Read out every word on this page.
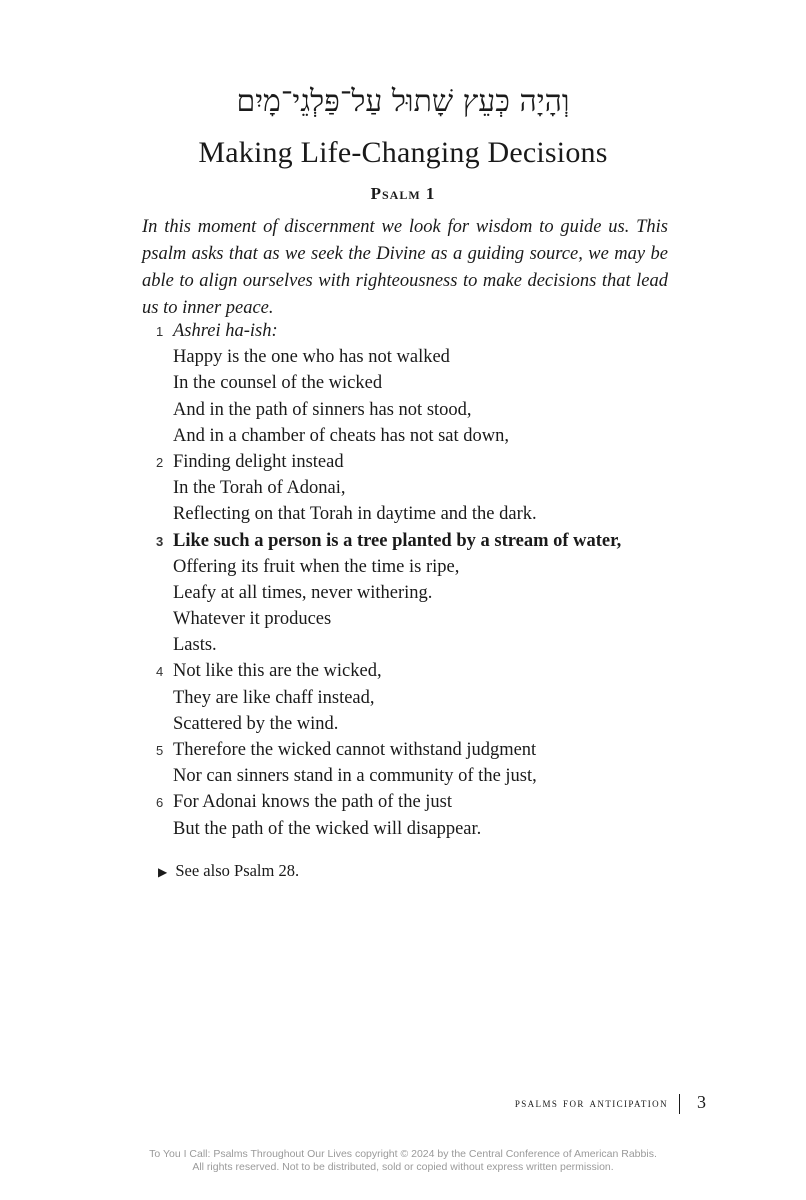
וְהָיָה כְּעֵץ שָׁתוּל עַל־פַּלְגֵי־מָיִם
Making Life-Changing Decisions
Psalm 1
In this moment of discernment we look for wisdom to guide us. This psalm asks that as we seek the Divine as a guiding source, we may be able to align ourselves with righteousness to make decisions that lead us to inner peace.
1 Ashrei ha-ish:
Happy is the one who has not walked
In the counsel of the wicked
And in the path of sinners has not stood,
And in a chamber of cheats has not sat down,
2 Finding delight instead
In the Torah of Adonai,
Reflecting on that Torah in daytime and the dark.
3 Like such a person is a tree planted by a stream of water,
Offering its fruit when the time is ripe,
Leafy at all times, never withering.
Whatever it produces
Lasts.
4 Not like this are the wicked,
They are like chaff instead,
Scattered by the wind.
5 Therefore the wicked cannot withstand judgment
Nor can sinners stand in a community of the just,
6 For Adonai knows the path of the just
But the path of the wicked will disappear.
▶ See also Psalm 28.
psalms for anticipation 3
To You I Call: Psalms Throughout Our Lives copyright © 2024 by the Central Conference of American Rabbis.
All rights reserved. Not to be distributed, sold or copied without express written permission.
